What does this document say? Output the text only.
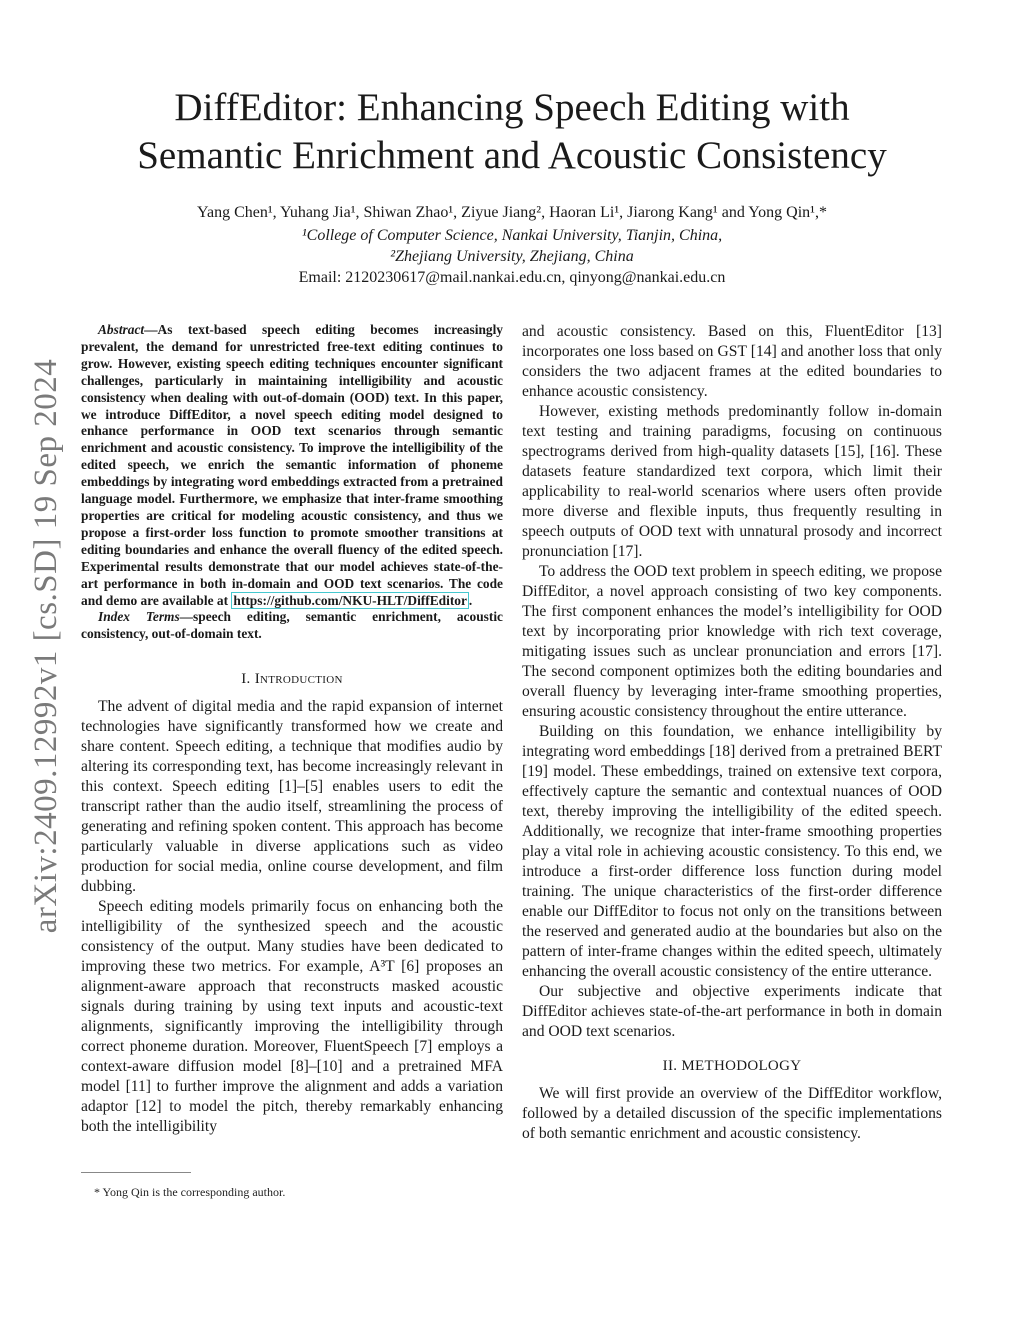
arXiv:2409.12992v1 [cs.SD] 19 Sep 2024
DiffEditor: Enhancing Speech Editing with
Semantic Enrichment and Acoustic Consistency
Yang Chen¹, Yuhang Jia¹, Shiwan Zhao¹, Ziyue Jiang², Haoran Li¹, Jiarong Kang¹ and Yong Qin¹,*
¹College of Computer Science, Nankai University, Tianjin, China,
²Zhejiang University, Zhejiang, China
Email: 2120230617@mail.nankai.edu.cn, qinyong@nankai.edu.cn
Abstract—As text-based speech editing becomes increasingly prevalent, the demand for unrestricted free-text editing continues to grow. However, existing speech editing techniques encounter significant challenges, particularly in maintaining intelligibility and acoustic consistency when dealing with out-of-domain (OOD) text. In this paper, we introduce DiffEditor, a novel speech editing model designed to enhance performance in OOD text scenarios through semantic enrichment and acoustic consistency. To improve the intelligibility of the edited speech, we enrich the semantic information of phoneme embeddings by integrating word embeddings extracted from a pretrained language model. Furthermore, we emphasize that inter-frame smoothing properties are critical for modeling acoustic consistency, and thus we propose a first-order loss function to promote smoother transitions at editing boundaries and enhance the overall fluency of the edited speech. Experimental results demonstrate that our model achieves state-of-the-art performance in both in-domain and OOD text scenarios. The code and demo are available at https://github.com/NKU-HLT/DiffEditor .
Index Terms—speech editing, semantic enrichment, acoustic consistency, out-of-domain text.
I. Introduction

The advent of digital media and the rapid expansion of internet technologies have significantly transformed how we create and share content. Speech editing, a technique that modifies audio by altering its corresponding text, has become increasingly relevant in this context. Speech editing [1]–[5] enables users to edit the transcript rather than the audio itself, streamlining the process of generating and refining spoken content. This approach has become particularly valuable in diverse applications such as video production for social media, online course development, and film dubbing.

Speech editing models primarily focus on enhancing both the intelligibility of the synthesized speech and the acoustic consistency of the output. Many studies have been dedicated to improving these two metrics. For example, A³T [6] proposes an alignment-aware approach that reconstructs masked acoustic signals during training by using text inputs and acoustic-text alignments, significantly improving the intelligibility through correct phoneme duration. Moreover, FluentSpeech [7] employs a context-aware diffusion model [8]–[10] and a pretrained MFA model [11] to further improve the alignment and adds a variation adaptor [12] to model the pitch, thereby remarkably enhancing both the intelligibility

and acoustic consistency. Based on this, FluentEditor [13] incorporates one loss based on GST [14] and another loss that only considers the two adjacent frames at the edited boundaries to enhance acoustic consistency.

However, existing methods predominantly follow in-domain text testing and training paradigms, focusing on continuous spectrograms derived from high-quality datasets [15], [16]. These datasets feature standardized text corpora, which limit their applicability to real-world scenarios where users often provide more diverse and flexible inputs, thus frequently resulting in speech outputs of OOD text with unnatural prosody and incorrect pronunciation [17].

To address the OOD text problem in speech editing, we propose DiffEditor, a novel approach consisting of two key components. The first component enhances the model’s intelligibility for OOD text by incorporating prior knowledge with rich text coverage, mitigating issues such as unclear pronunciation and errors [17]. The second component optimizes both the editing boundaries and overall fluency by leveraging inter-frame smoothing properties, ensuring acoustic consistency throughout the entire utterance.

Building on this foundation, we enhance intelligibility by integrating word embeddings [18] derived from a pretrained BERT [19] model. These embeddings, trained on extensive text corpora, effectively capture the semantic and contextual nuances of OOD text, thereby improving the intelligibility of the edited speech. Additionally, we recognize that inter-frame smoothing properties play a vital role in achieving acoustic consistency. To this end, we introduce a first-order difference loss function during model training. The unique characteristics of the first-order difference enable our DiffEditor to focus not only on the transitions between the reserved and generated audio at the boundaries but also on the pattern of inter-frame changes within the edited speech, ultimately enhancing the overall acoustic consistency of the entire utterance.

Our subjective and objective experiments indicate that DiffEditor achieves state-of-the-art performance in both in domain and OOD text scenarios.

II. METHODOLOGY

We will first provide an overview of the DiffEditor workflow, followed by a detailed discussion of the specific implementations of both semantic enrichment and acoustic consistency.

* Yong Qin is the corresponding author.
